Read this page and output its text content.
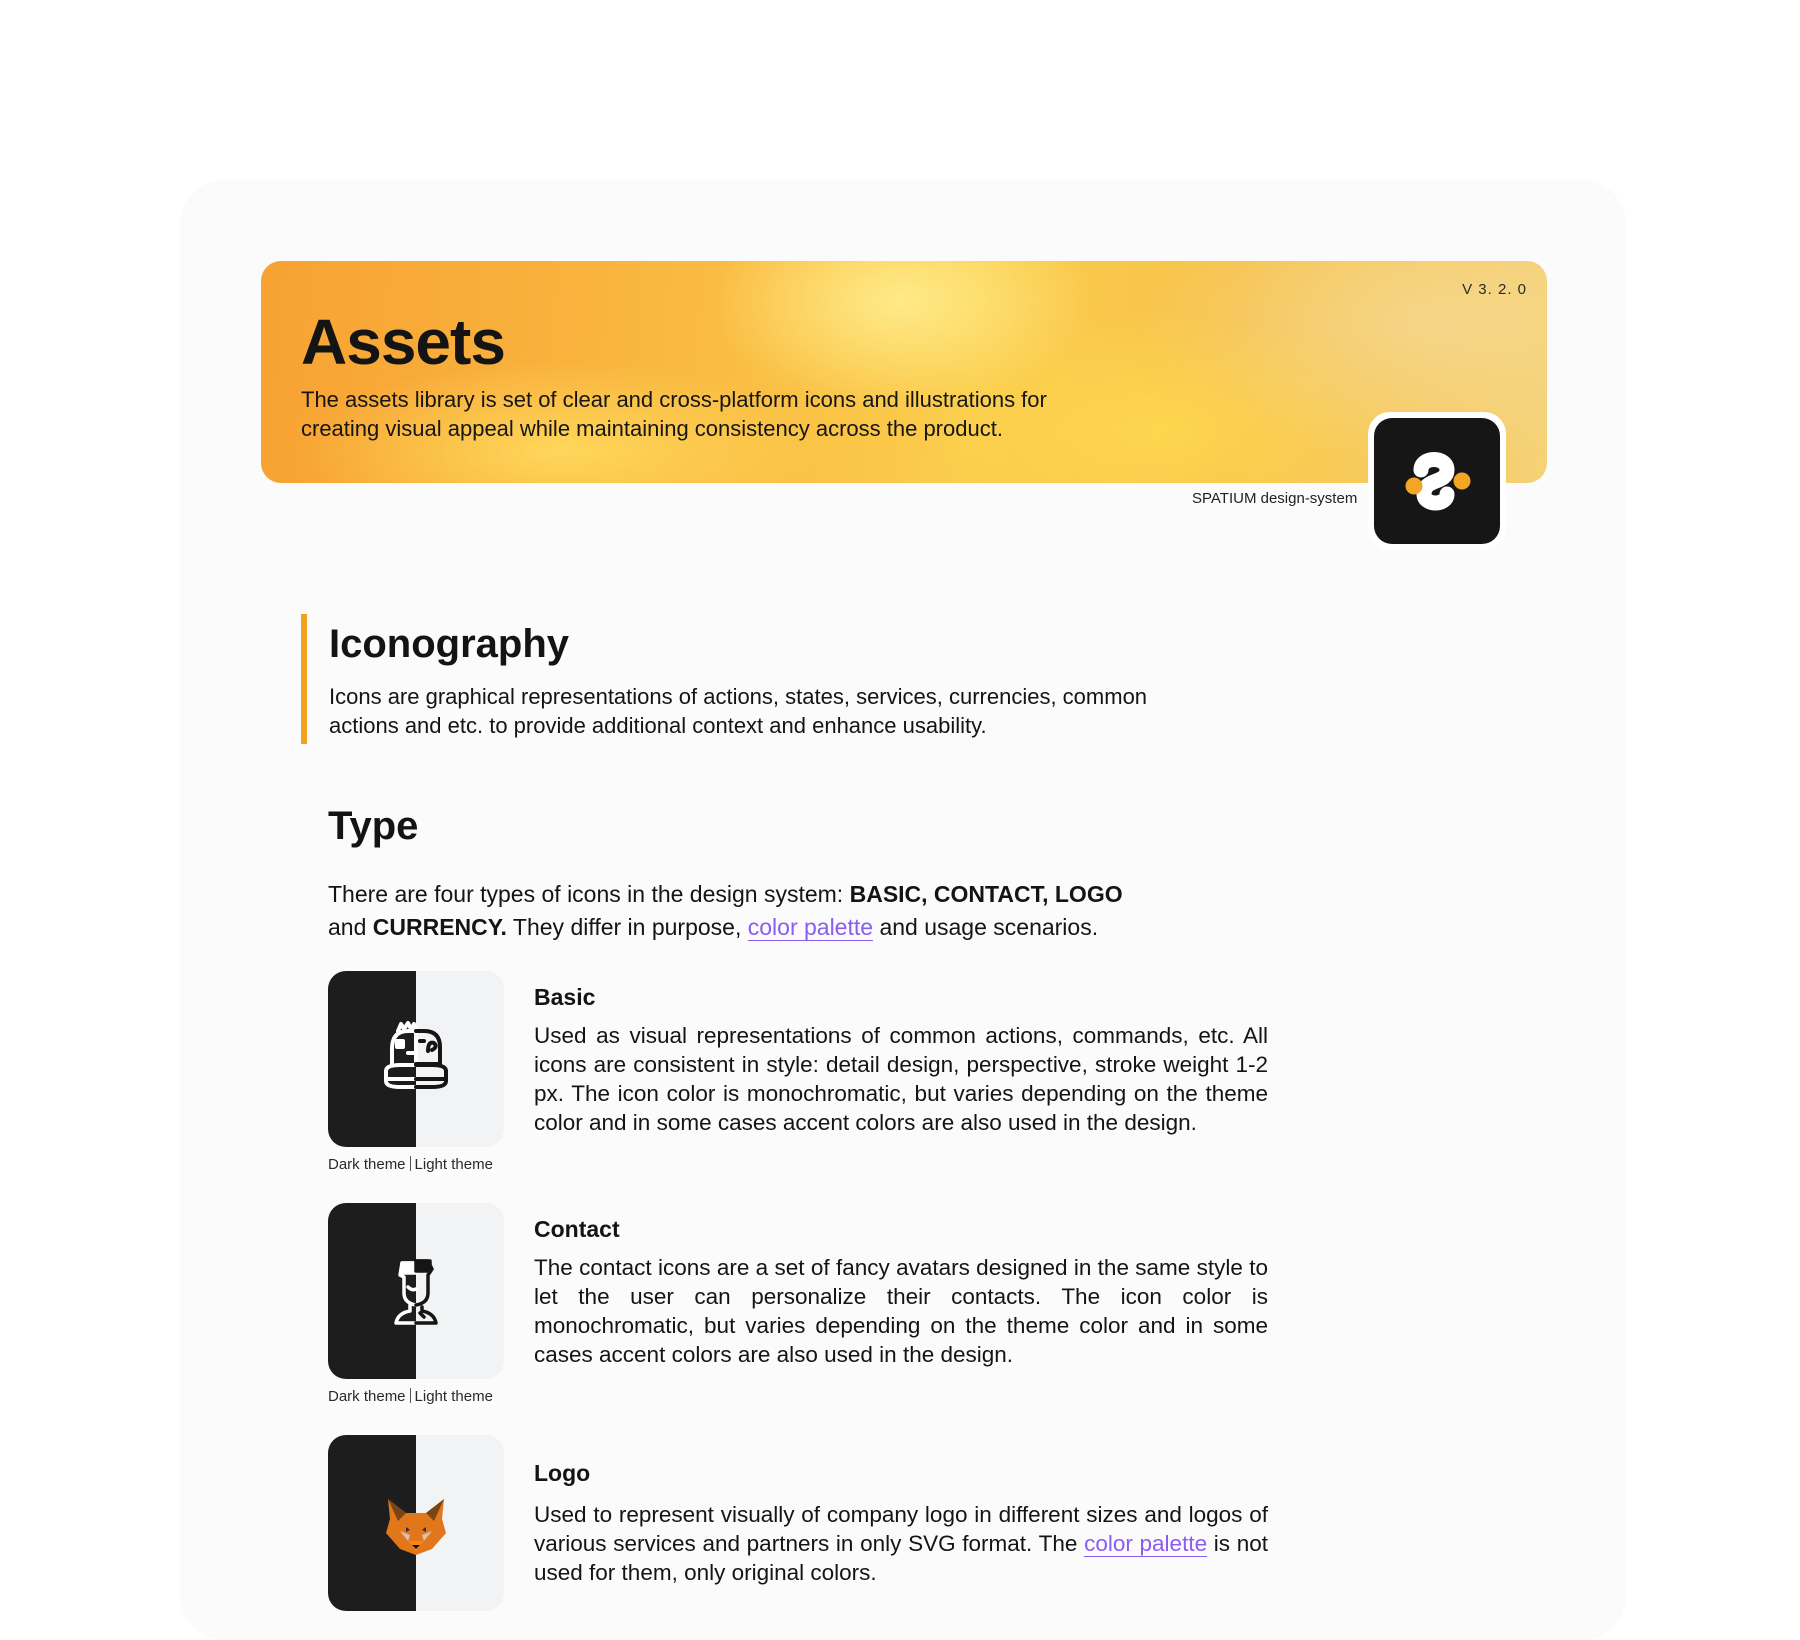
V 3. 2. 0
Assets

The assets library is set of clear and cross-platform icons and illustrations for creating visual appeal while maintaining consistency across the product.

SPATIUM design-system
Iconography

Icons are graphical representations of actions, states, services, currencies, common actions and etc. to provide additional context and enhance usability.

Type

There are four types of icons in the design system: BASIC, CONTACT, LOGO
and CURRENCY. They differ in purpose, color palette and usage scenarios.

Dark theme Light theme
Basic

Used as visual representations of common actions, commands, etc. All icons are consistent in style: detail design, perspective, stroke weight 1-2 px. The icon color is monochromatic, but varies depending on the theme color and in some cases accent colors are also used in the design.

Dark theme Light theme
Contact

The contact icons are a set of fancy avatars designed in the same style to let the user can personalize their contacts. The icon color is monochromatic, but varies depending on the theme color and in some cases accent colors are also used in the design.

Logo

Used to represent visually of company logo in different sizes and logos of various services and partners in only SVG format. The color palette is not used for them, only original colors.
